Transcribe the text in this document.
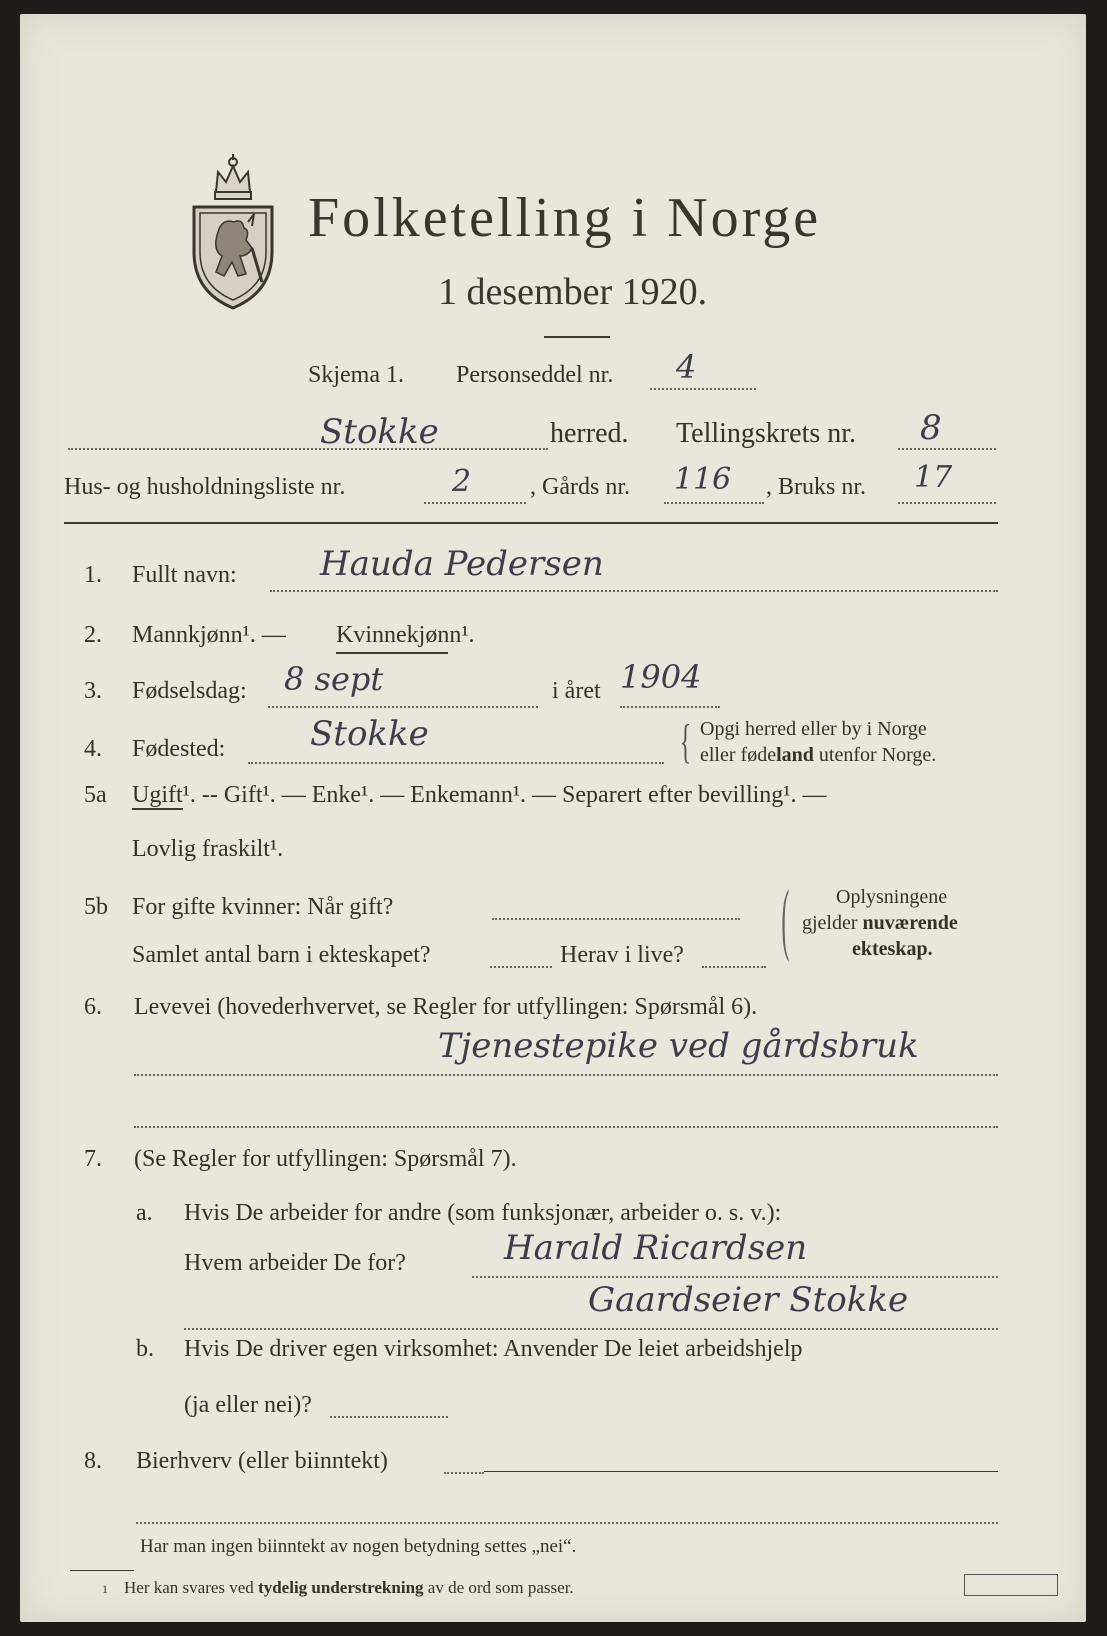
Folketelling i Norge
1 desember 1920.
Skjema 1. Personseddel nr. 4
Stokke	herred. Tellingskrets nr. 8
Hus- og husholdningsliste nr.	2 , Gårds nr. 116 , Bruks nr. 17
1. Fullt navn: Hauda Pedersen
2. Mannkjønn¹. — Kvinnekjønn¹.
3. Fødselsdag: 8 sept	i året 1904
4. Fødested: Stokke	{ Opgi herred eller by i Norge
eller fødeland utenfor Norge.
5a Ugift¹. -- Gift¹. — Enke¹. — Enkemann¹. — Separert efter bevilling¹. —
Lovlig fraskilt¹.
5b For gifte kvinner: Når gift?
Samlet antal barn i ekteskapet?	Herav i live? ( Oplysningene
gjelder nuværende
ekteskap.
6. Levevei (hovederhvervet, se Regler for utfyllingen: Spørsmål 6).
Tjenestepike ved gårdsbruk
7. (Se Regler for utfyllingen: Spørsmål 7).
a. Hvis De arbeider for andre (som funksjonær, arbeider o. s. v.):
Hvem arbeider De for?	Harald Ricardsen
Gaardseier Stokke
b. Hvis De driver egen virksomhet: Anvender De leiet arbeidshjelp
(ja eller nei)?
8. Bierhverv (eller biinntekt)
Har man ingen biinntekt av nogen betydning settes „nei“.
1 Her kan svares ved tydelig understrekning av de ord som passer.
